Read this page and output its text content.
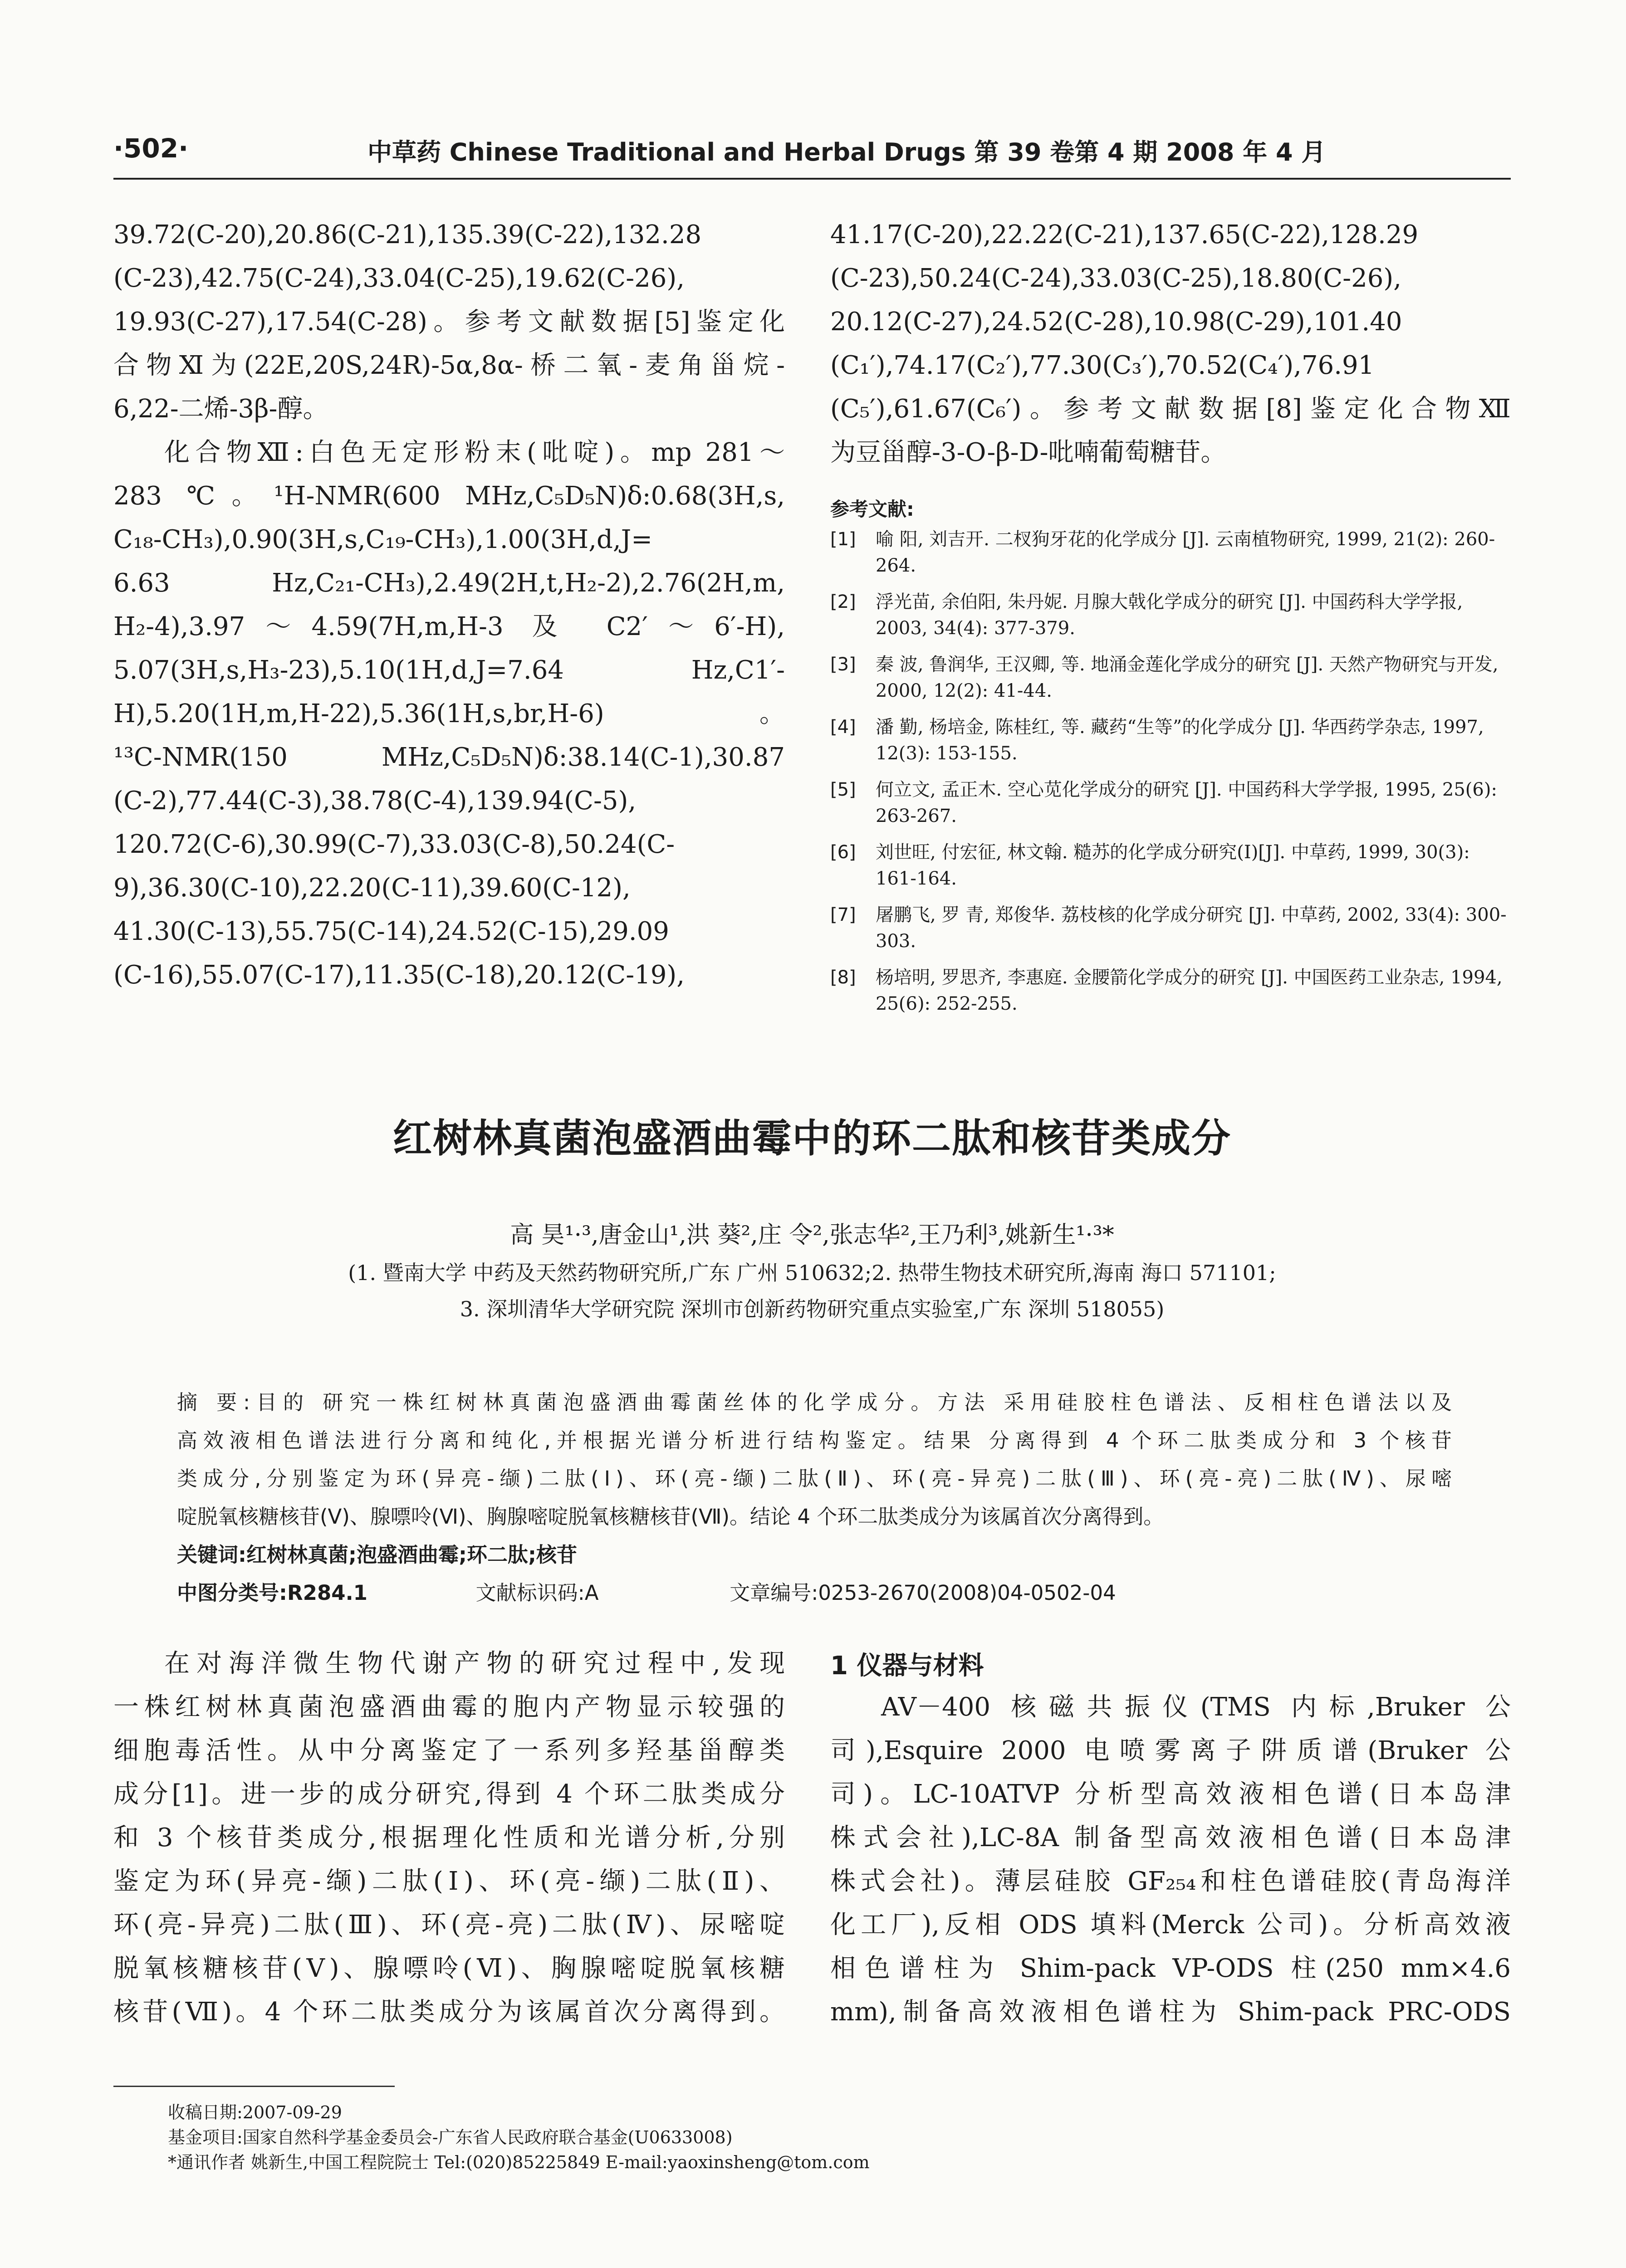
·502·	中草药 Chinese Traditional and Herbal Drugs 第 39 卷第 4 期 2008 年 4 月
39.72(C-20),20.86(C-21),135.39(C-22),132.28
(C-23),42.75(C-24),33.04(C-25),19.62(C-26),
19.93(C-27),17.54(C-28)。参考文献数据[5]鉴定化
合物Ⅺ为(22E,20S,24R)-5α,8α-桥二氧-麦角甾烷-
6,22-二烯-3β-醇。
化合物Ⅻ:白色无定形粉末(吡啶)。mp 281～
283 ℃。¹H-NMR(600 MHz,C₅D₅N)δ:0.68(3H,s,
C₁₈-CH₃),0.90(3H,s,C₁₉-CH₃),1.00(3H,d,J=
6.63 Hz,C₂₁-CH₃),2.49(2H,t,H₂-2),2.76(2H,m,
H₂-4),3.97～4.59(7H,m,H-3 及 C2′～6′-H),
5.07(3H,s,H₃-23),5.10(1H,d,J=7.64 Hz,C1′-
H),5.20(1H,m,H-22),5.36(1H,s,br,H-6)。
¹³C-NMR(150 MHz,C₅D₅N)δ:38.14(C-1),30.87
(C-2),77.44(C-3),38.78(C-4),139.94(C-5),
120.72(C-6),30.99(C-7),33.03(C-8),50.24(C-
9),36.30(C-10),22.20(C-11),39.60(C-12),
41.30(C-13),55.75(C-14),24.52(C-15),29.09
(C-16),55.07(C-17),11.35(C-18),20.12(C-19),
41.17(C-20),22.22(C-21),137.65(C-22),128.29
(C-23),50.24(C-24),33.03(C-25),18.80(C-26),
20.12(C-27),24.52(C-28),10.98(C-29),101.40
(C₁′),74.17(C₂′),77.30(C₃′),70.52(C₄′),76.91
(C₅′),61.67(C₆′)。参考文献数据[8]鉴定化合物Ⅻ
为豆甾醇-3-O-β-D-吡喃葡萄糖苷。
参考文献:
[1]	喻 阳, 刘吉开. 二杈狗牙花的化学成分 [J]. 云南植物研究, 1999, 21(2): 260-264.
[2]	浮光苗, 余伯阳, 朱丹妮. 月腺大戟化学成分的研究 [J]. 中国药科大学学报, 2003, 34(4): 377-379.
[3]	秦 波, 鲁润华, 王汉卿, 等. 地涌金莲化学成分的研究 [J]. 天然产物研究与开发, 2000, 12(2): 41-44.
[4]	潘 勤, 杨培金, 陈桂红, 等. 藏药“生等”的化学成分 [J]. 华西药学杂志, 1997, 12(3): 153-155.
[5]	何立文, 孟正木. 空心苋化学成分的研究 [J]. 中国药科大学学报, 1995, 25(6): 263-267.
[6]	刘世旺, 付宏征, 林文翰. 糙苏的化学成分研究(Ⅰ)[J]. 中草药, 1999, 30(3): 161-164.
[7]	屠鹏飞, 罗 青, 郑俊华. 荔枝核的化学成分研究 [J]. 中草药, 2002, 33(4): 300-303.
[8]	杨培明, 罗思齐, 李惠庭. 金腰箭化学成分的研究 [J]. 中国医药工业杂志, 1994, 25(6): 252-255.
红树林真菌泡盛酒曲霉中的环二肽和核苷类成分
高 昊¹·³,唐金山¹,洪 葵²,庄 令²,张志华²,王乃利³,姚新生¹·³*
(1. 暨南大学 中药及天然药物研究所,广东 广州 510632;2. 热带生物技术研究所,海南 海口 571101;
3. 深圳清华大学研究院 深圳市创新药物研究重点实验室,广东 深圳 518055)
摘 要:目的 研究一株红树林真菌泡盛酒曲霉菌丝体的化学成分。方法 采用硅胶柱色谱法、反相柱色谱法以及
高效液相色谱法进行分离和纯化,并根据光谱分析进行结构鉴定。结果 分离得到 4 个环二肽类成分和 3 个核苷
类成分,分别鉴定为环(异亮-缬)二肽(Ⅰ)、环(亮-缬)二肽(Ⅱ)、环(亮-异亮)二肽(Ⅲ)、环(亮-亮)二肽(Ⅳ)、尿嘧
啶脱氧核糖核苷(Ⅴ)、腺嘌呤(Ⅵ)、胸腺嘧啶脱氧核糖核苷(Ⅶ)。结论 4 个环二肽类成分为该属首次分离得到。
关键词:红树林真菌;泡盛酒曲霉;环二肽;核苷
中图分类号:R284.1	文献标识码:A	文章编号:0253-2670(2008)04-0502-04
在对海洋微生物代谢产物的研究过程中,发现
一株红树林真菌泡盛酒曲霉的胞内产物显示较强的
细胞毒活性。从中分离鉴定了一系列多羟基甾醇类
成分[1]。进一步的成分研究,得到 4 个环二肽类成分
和 3 个核苷类成分,根据理化性质和光谱分析,分别
鉴定为环(异亮-缬)二肽(Ⅰ)、环(亮-缬)二肽(Ⅱ)、
环(亮-异亮)二肽(Ⅲ)、环(亮-亮)二肽(Ⅳ)、尿嘧啶
脱氧核糖核苷(Ⅴ)、腺嘌呤(Ⅵ)、胸腺嘧啶脱氧核糖
核苷(Ⅶ)。4 个环二肽类成分为该属首次分离得到。
1 仪器与材料
AV－400 核磁共振仪(TMS 内标,Bruker 公
司),Esquire 2000 电喷雾离子阱质谱(Bruker 公
司)。LC-10ATVP 分析型高效液相色谱(日本岛津
株式会社),LC-8A 制备型高效液相色谱(日本岛津
株式会社)。薄层硅胶 GF₂₅₄和柱色谱硅胶(青岛海洋
化工厂),反相 ODS 填料(Merck 公司)。分析高效液
相色谱柱为 Shim-pack VP-ODS 柱(250 mm×4.6
mm),制备高效液相色谱柱为 Shim-pack PRC-ODS
收稿日期:2007-09-29
基金项目:国家自然科学基金委员会-广东省人民政府联合基金(U0633008)
*通讯作者 姚新生,中国工程院院士 Tel:(020)85225849 E-mail:yaoxinsheng@tom.com
